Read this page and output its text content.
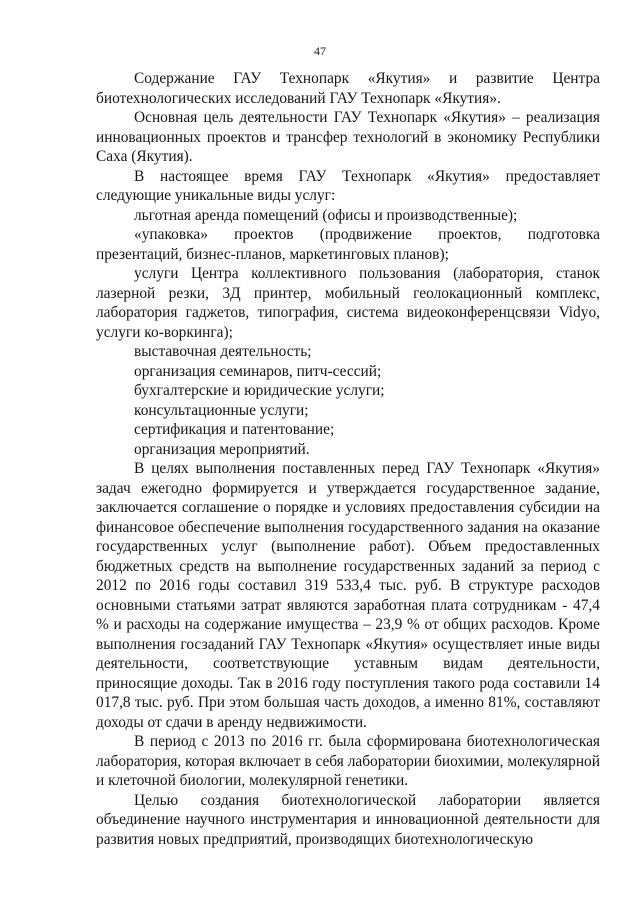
47

Содержание ГАУ Технопарк «Якутия» и развитие Центра биотехнологических исследований ГАУ Технопарк «Якутия».

Основная цель деятельности ГАУ Технопарк «Якутия» – реализация инновационных проектов и трансфер технологий в экономику Республики Саха (Якутия).

В настоящее время ГАУ Технопарк «Якутия» предоставляет следующие уникальные виды услуг:

льготная аренда помещений (офисы и производственные);

«упаковка» проектов (продвижение проектов, подготовка презентаций, бизнес-планов, маркетинговых планов);

услуги Центра коллективного пользования (лаборатория, станок лазерной резки, 3Д принтер, мобильный геолокационный комплекс, лаборатория гаджетов, типография, система видеоконференцсвязи Vidyo, услуги ко-воркинга);

выставочная деятельность;

организация семинаров, питч-сессий;

бухгалтерские и юридические услуги;

консультационные услуги;

сертификация и патентование;

организация мероприятий.

В целях выполнения поставленных перед ГАУ Технопарк «Якутия» задач ежегодно формируется и утверждается государственное задание, заключается соглашение о порядке и условиях предоставления субсидии на финансовое обеспечение выполнения государственного задания на оказание государственных услуг (выполнение работ). Объем предоставленных бюджетных средств на выполнение государственных заданий за период с 2012 по 2016 годы составил 319 533,4 тыс. руб. В структуре расходов основными статьями затрат являются заработная плата сотрудникам - 47,4 % и расходы на содержание имущества – 23,9 % от общих расходов. Кроме выполнения госзаданий ГАУ Технопарк «Якутия» осуществляет иные виды деятельности, соответствующие уставным видам деятельности, приносящие доходы. Так в 2016 году поступления такого рода составили 14 017,8 тыс. руб. При этом большая часть доходов, а именно 81%, составляют доходы от сдачи в аренду недвижимости.

В период с 2013 по 2016 гг. была сформирована биотехнологическая лаборатория, которая включает в себя лаборатории биохимии, молекулярной и клеточной биологии, молекулярной генетики.

Целью создания биотехнологической лаборатории является объединение научного инструментария и инновационной деятельности для развития новых предприятий, производящих биотехнологическую
